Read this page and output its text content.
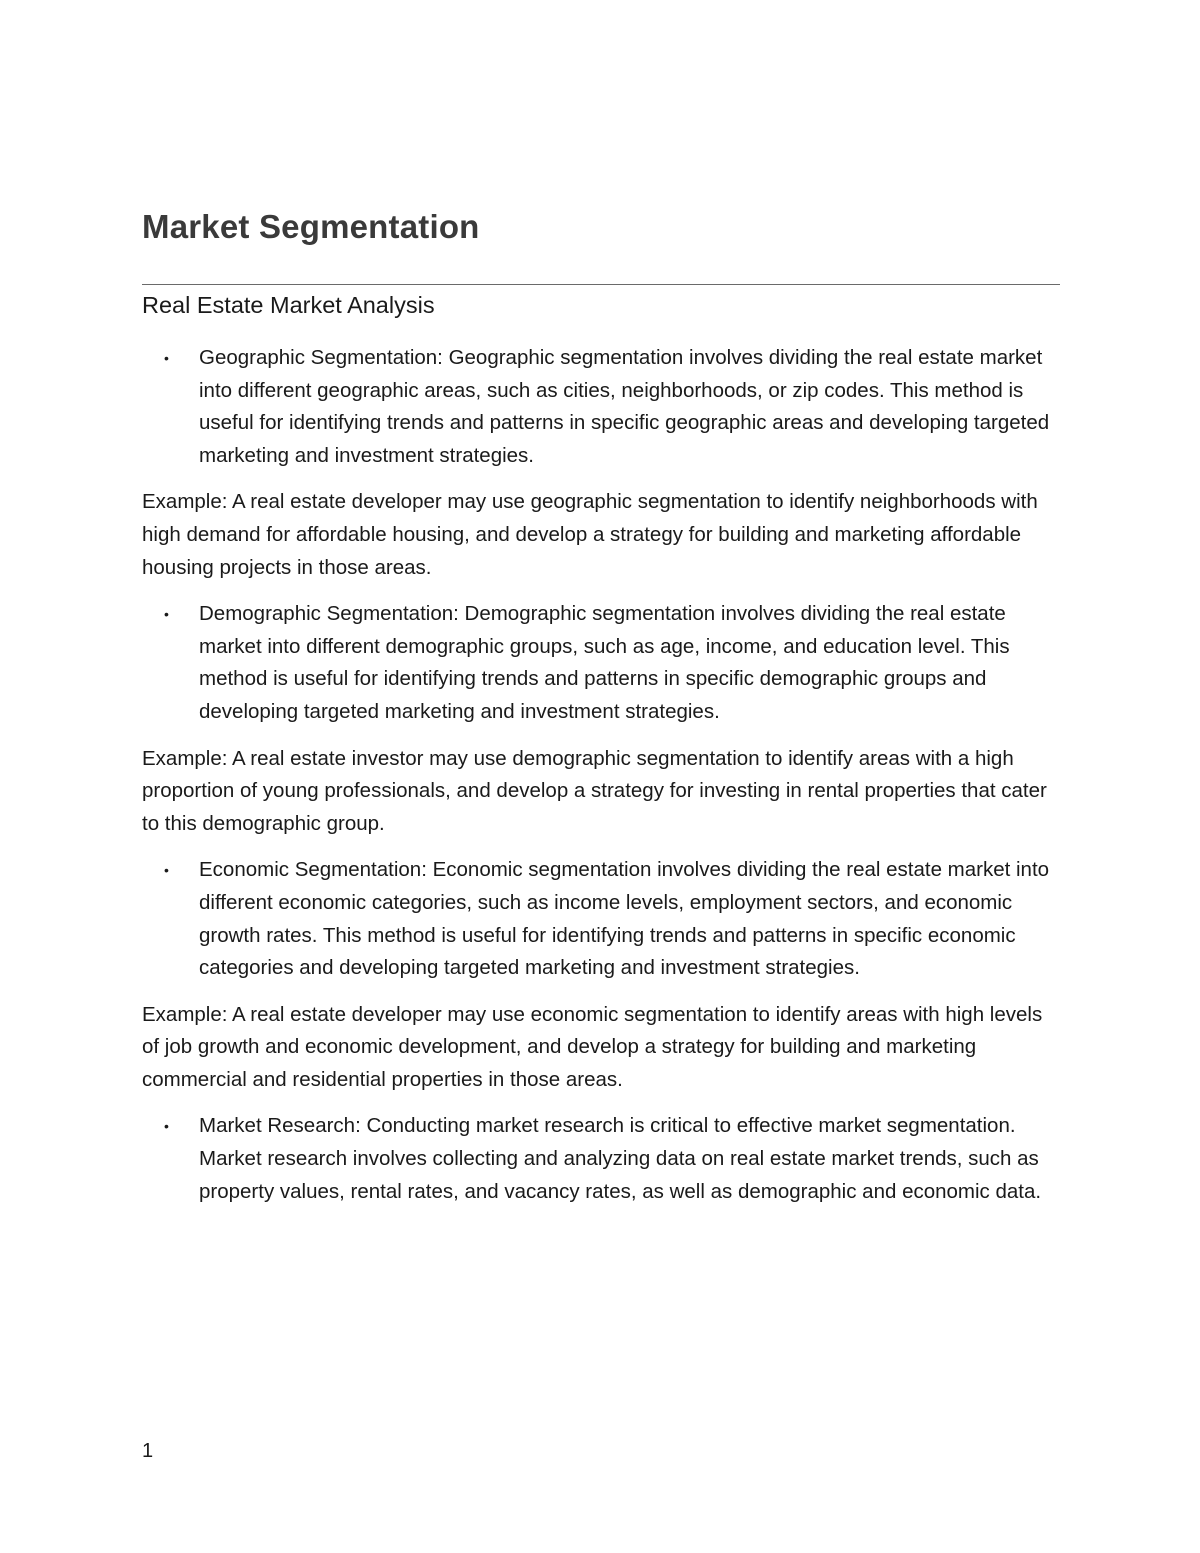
Market Segmentation
Real Estate Market Analysis
• Geographic Segmentation: Geographic segmentation involves dividing the real estate market into different geographic areas, such as cities, neighborhoods, or zip codes. This method is useful for identifying trends and patterns in specific geographic areas and developing targeted marketing and investment strategies.

Example: A real estate developer may use geographic segmentation to identify neighborhoods with high demand for affordable housing, and develop a strategy for building and marketing affordable housing projects in those areas.

• Demographic Segmentation: Demographic segmentation involves dividing the real estate market into different demographic groups, such as age, income, and education level. This method is useful for identifying trends and patterns in specific demographic groups and developing targeted marketing and investment strategies.

Example: A real estate investor may use demographic segmentation to identify areas with a high proportion of young professionals, and develop a strategy for investing in rental properties that cater to this demographic group.

• Economic Segmentation: Economic segmentation involves dividing the real estate market into different economic categories, such as income levels, employment sectors, and economic growth rates. This method is useful for identifying trends and patterns in specific economic categories and developing targeted marketing and investment strategies.

Example: A real estate developer may use economic segmentation to identify areas with high levels of job growth and economic development, and develop a strategy for building and marketing commercial and residential properties in those areas.

• Market Research: Conducting market research is critical to effective market segmentation. Market research involves collecting and analyzing data on real estate market trends, such as property values, rental rates, and vacancy rates, as well as demographic and economic data.
1
